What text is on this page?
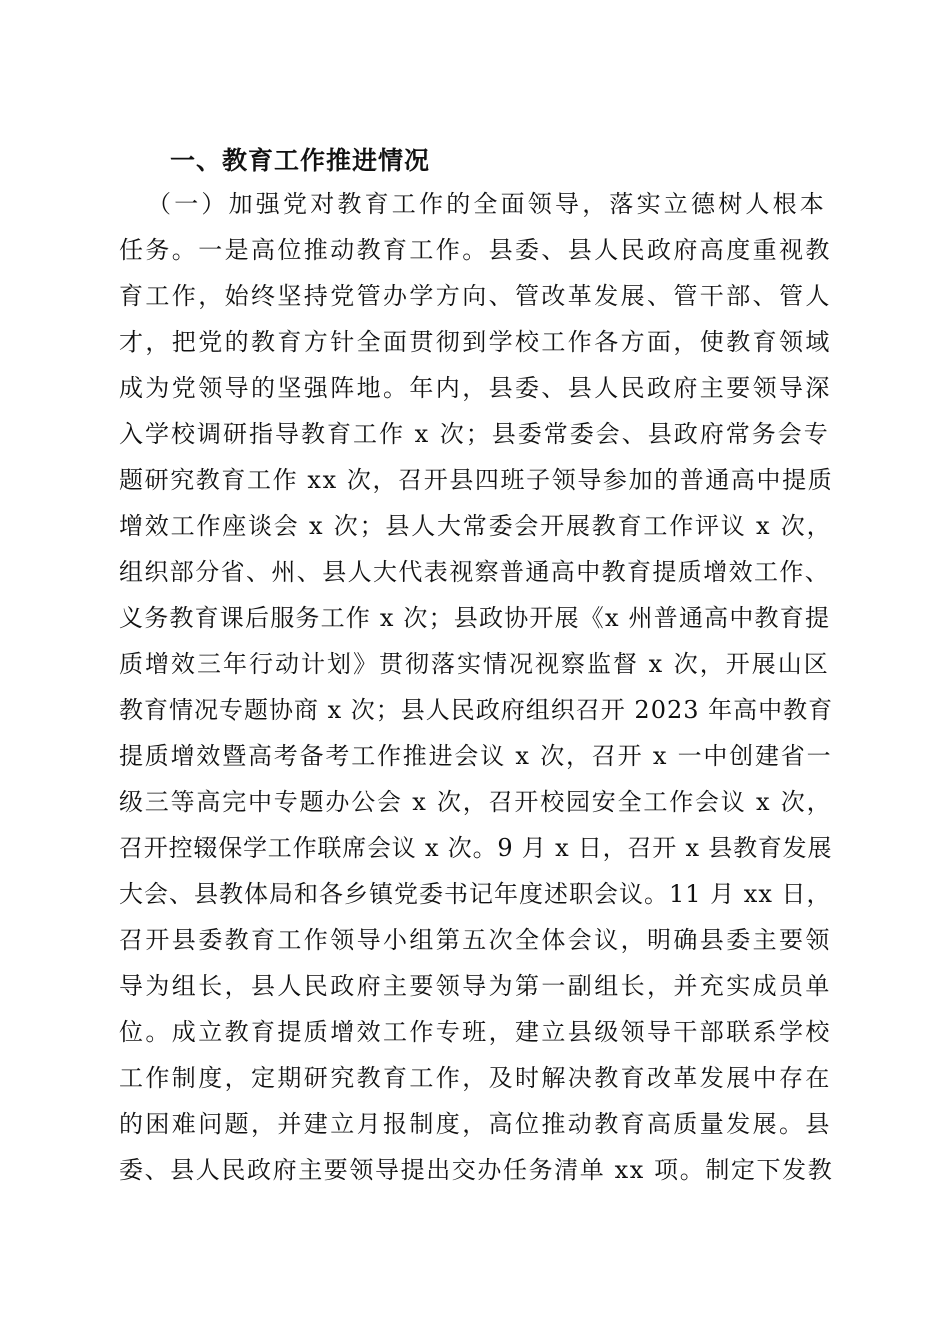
一、教育工作推进情况
（一）加强党对教育工作的全面领导，落实立德树人根本
任务。一是高位推动教育工作。县委、县人民政府高度重视教
育工作，始终坚持党管办学方向、管改革发展、管干部、管人
才，把党的教育方针全面贯彻到学校工作各方面，使教育领域
成为党领导的坚强阵地。年内，县委、县人民政府主要领导深
入学校调研指导教育工作 x 次；县委常委会、县政府常务会专
题研究教育工作 xx 次，召开县四班子领导参加的普通高中提质
增效工作座谈会 x 次；县人大常委会开展教育工作评议 x 次，
组织部分省、州、县人大代表视察普通高中教育提质增效工作、
义务教育课后服务工作 x 次；县政协开展《x 州普通高中教育提
质增效三年行动计划》贯彻落实情况视察监督 x 次，开展山区
教育情况专题协商 x 次；县人民政府组织召开 2023 年高中教育
提质增效暨高考备考工作推进会议 x 次，召开 x 一中创建省一
级三等高完中专题办公会 x 次，召开校园安全工作会议 x 次，
召开控辍保学工作联席会议 x 次。9 月 x 日，召开 x 县教育发展
大会、县教体局和各乡镇党委书记年度述职会议。11 月 xx 日，
召开县委教育工作领导小组第五次全体会议，明确县委主要领
导为组长，县人民政府主要领导为第一副组长，并充实成员单
位。成立教育提质增效工作专班，建立县级领导干部联系学校
工作制度，定期研究教育工作，及时解决教育改革发展中存在
的困难问题，并建立月报制度，高位推动教育高质量发展。县
委、县人民政府主要领导提出交办任务清单 xx 项。制定下发教
